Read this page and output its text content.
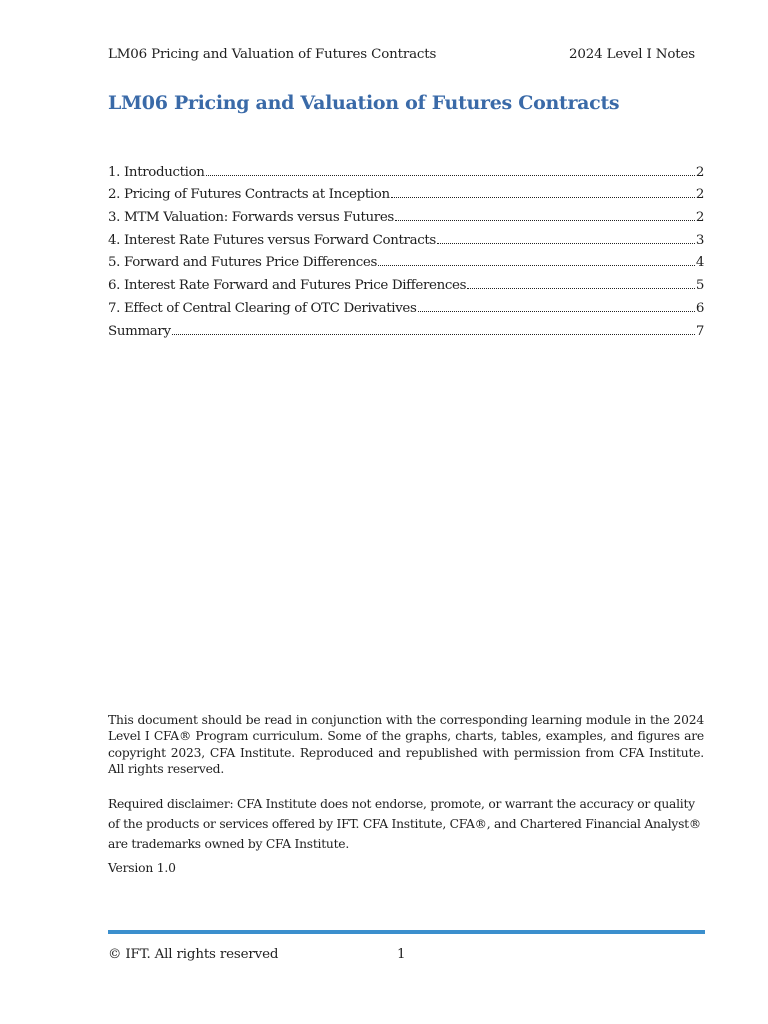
LM06 Pricing and Valuation of Futures Contracts	2024 Level I Notes
LM06 Pricing and Valuation of Futures Contracts
1. Introduction	2
2. Pricing of Futures Contracts at Inception	2
3. MTM Valuation: Forwards versus Futures	2
4. Interest Rate Futures versus Forward Contracts	3
5. Forward and Futures Price Differences	4
6. Interest Rate Forward and Futures Price Differences	5
7. Effect of Central Clearing of OTC Derivatives	6
Summary	7

This document should be read in conjunction with the corresponding learning module in the 2024 Level I CFA® Program curriculum. Some of the graphs, charts, tables, examples, and figures are copyright 2023, CFA Institute. Reproduced and republished with permission from CFA Institute. All rights reserved.

Required disclaimer: CFA Institute does not endorse, promote, or warrant the accuracy or quality of the products or services offered by IFT. CFA Institute, CFA®, and Chartered Financial Analyst® are trademarks owned by CFA Institute.

Version 1.0

© IFT. All rights reserved	1
